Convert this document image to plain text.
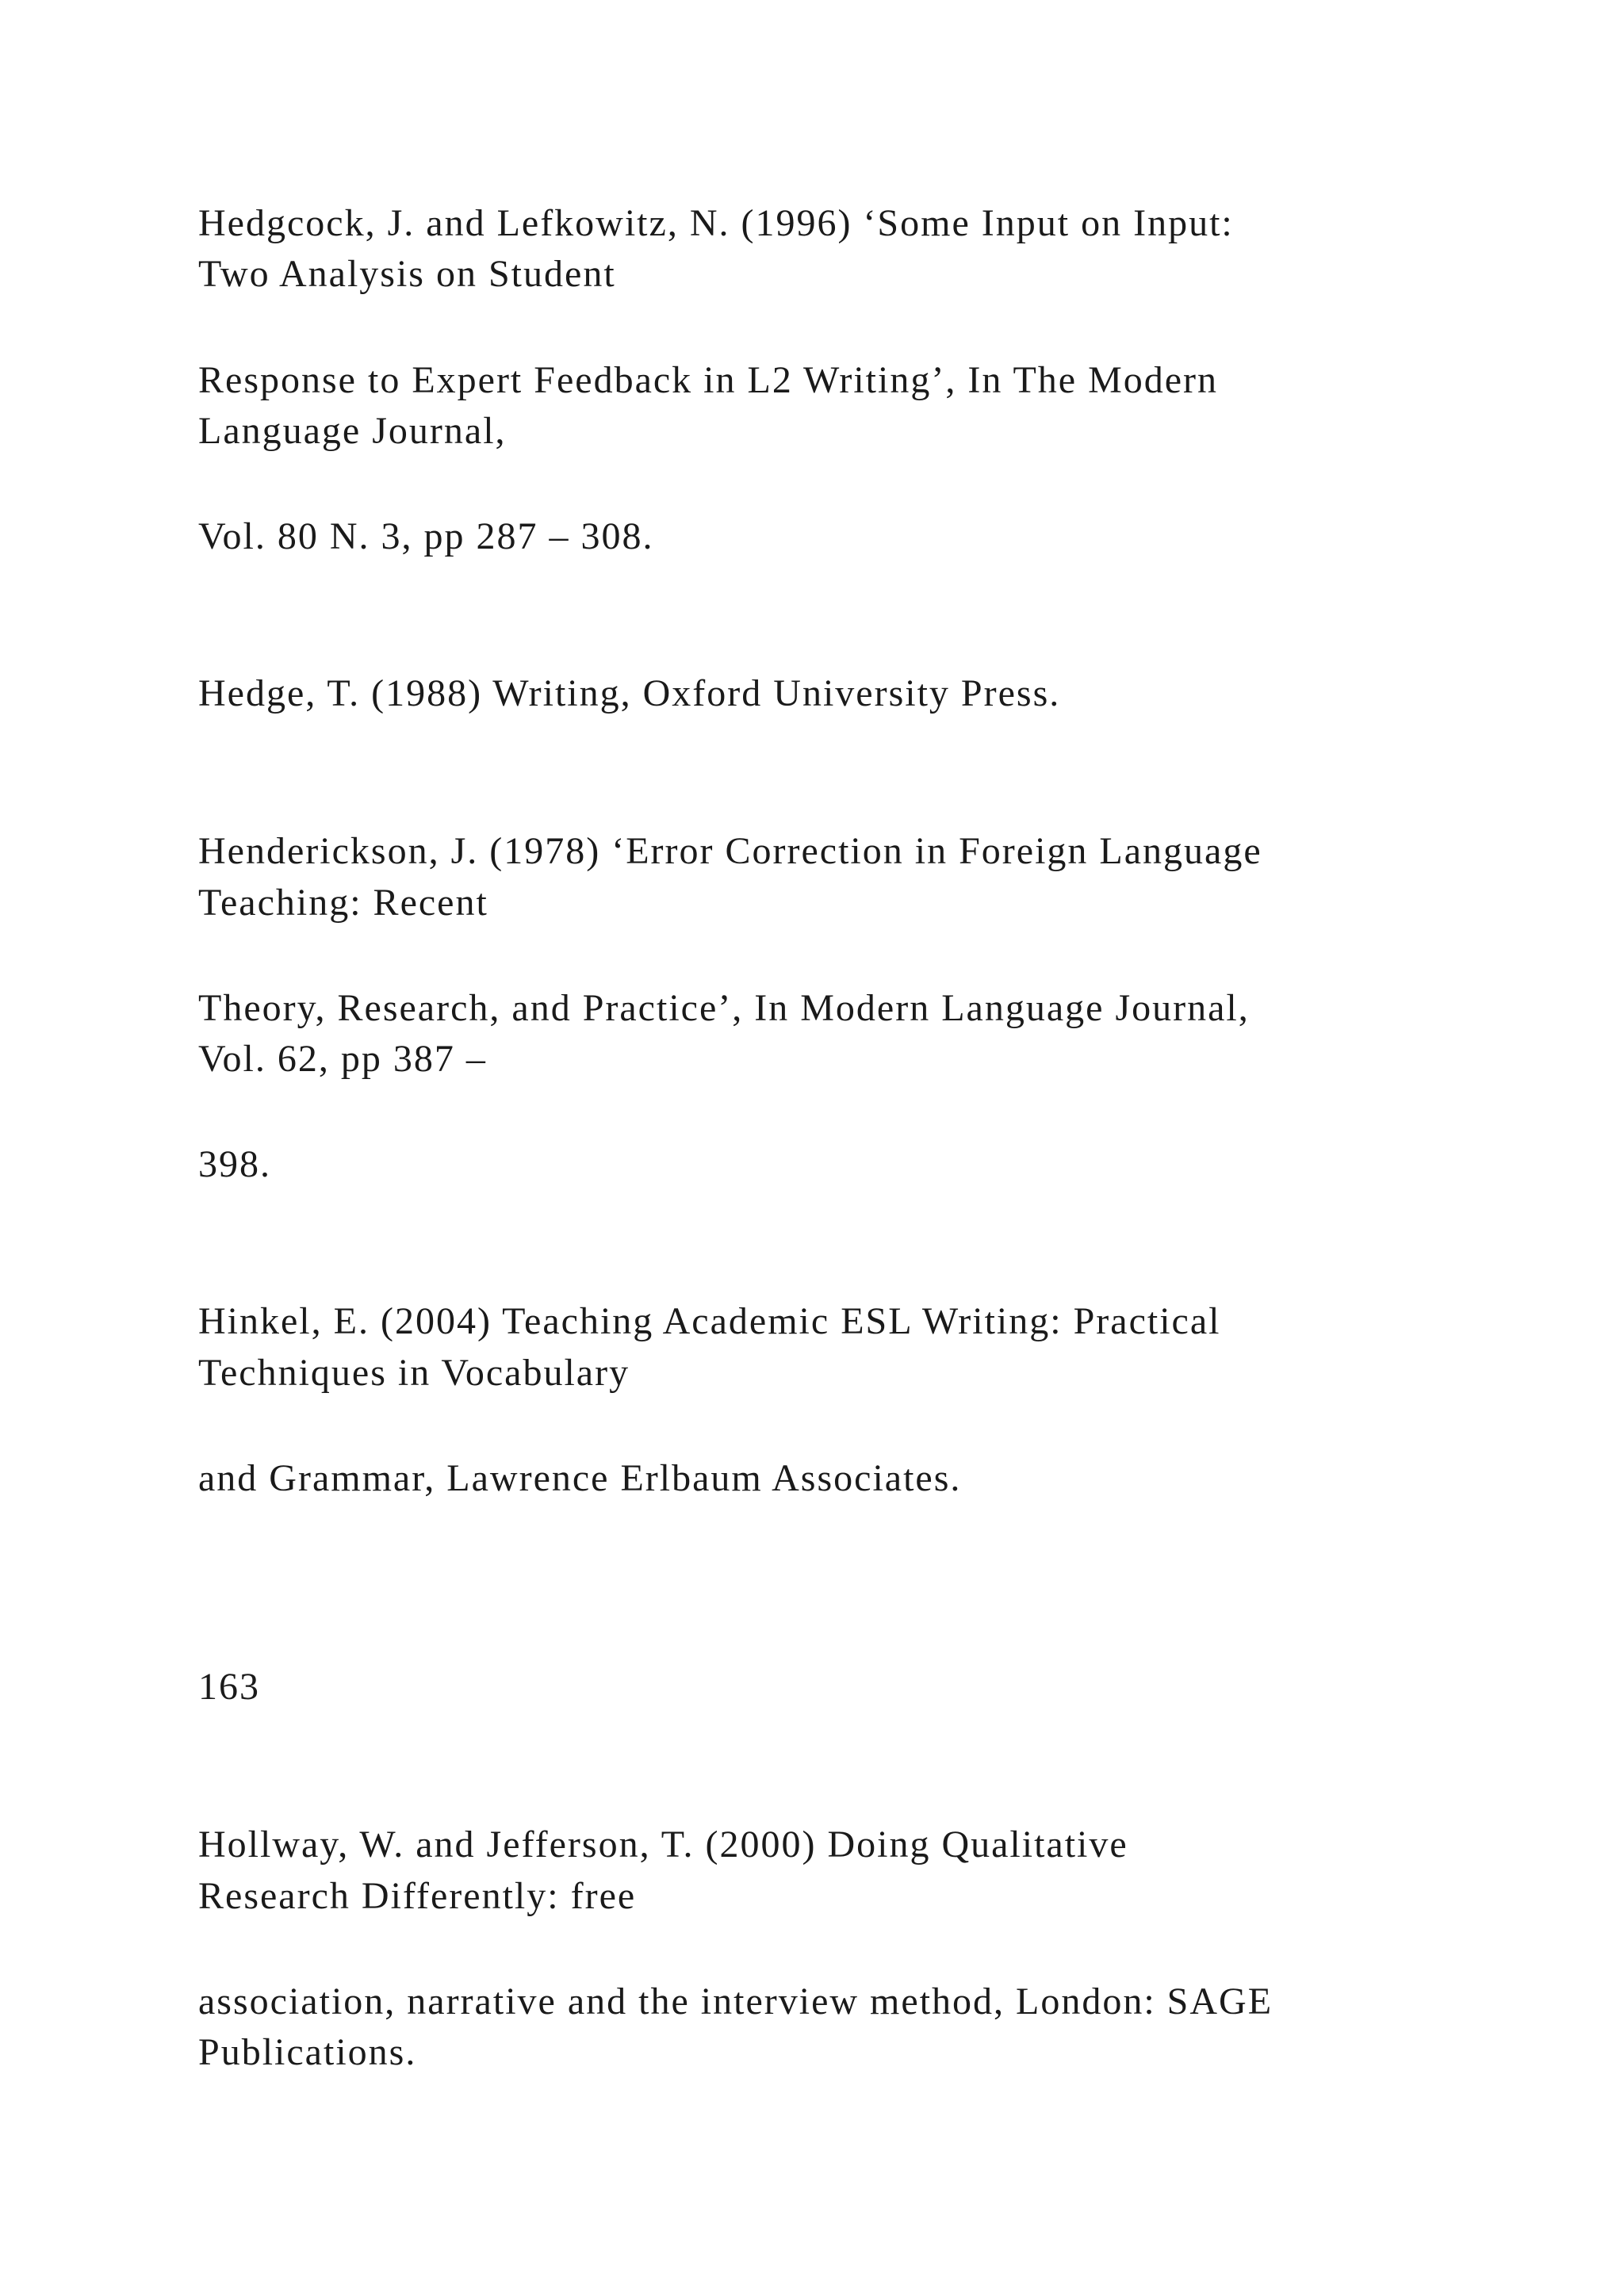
Hedgcock, J. and Lefkowitz, N. (1996) ‘Some Input on Input:

Two Analysis on Student

Response to Expert Feedback in L2 Writing’, In The Modern

Language Journal,

Vol. 80 N. 3, pp 287 – 308.

Hedge, T. (1988) Writing, Oxford University Press.

Henderickson, J. (1978) ‘Error Correction in Foreign Language

Teaching: Recent

Theory, Research, and Practice’, In Modern Language Journal,

Vol. 62, pp 387 –

398.

Hinkel, E. (2004) Teaching Academic ESL Writing: Practical

Techniques in Vocabulary

and Grammar, Lawrence Erlbaum Associates.

163

Hollway, W. and Jefferson, T. (2000) Doing Qualitative

Research Differently: free

association, narrative and the interview method, London: SAGE

Publications.
